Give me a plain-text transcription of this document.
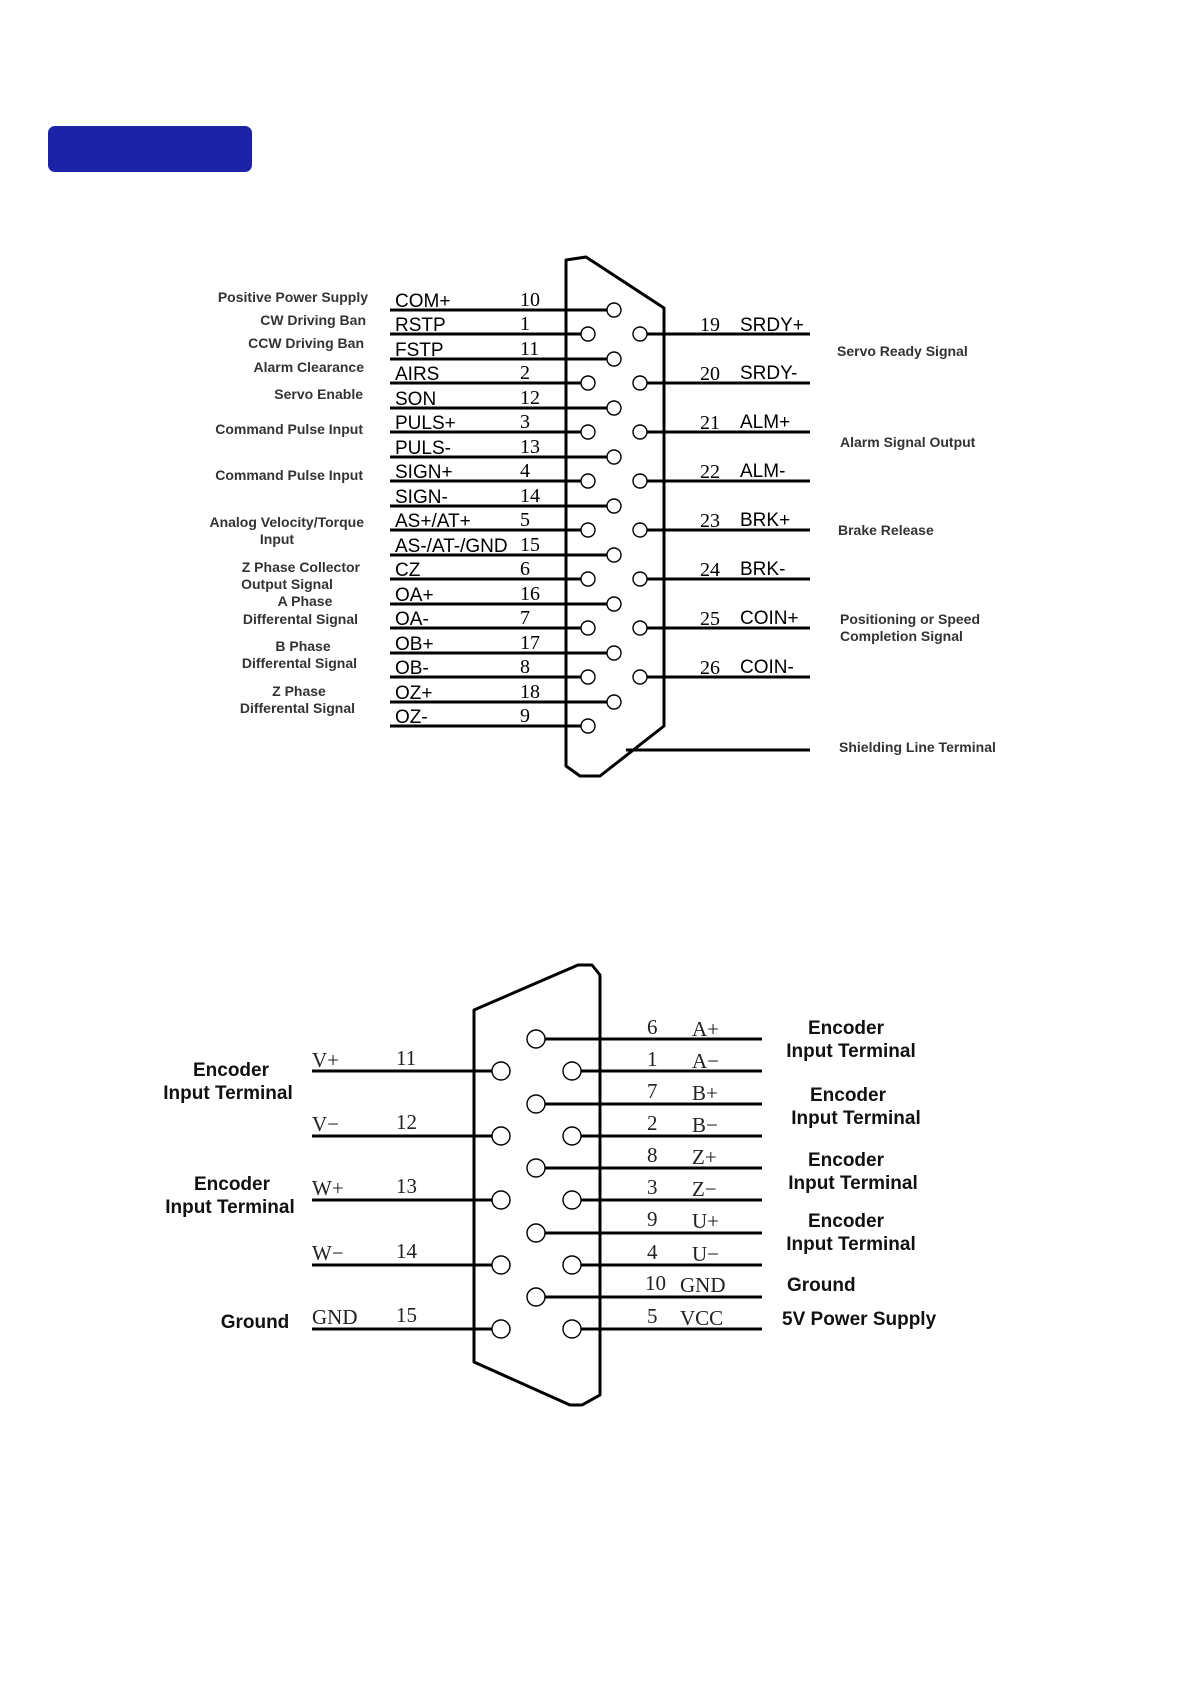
COM+
RSTP
FSTP
AIRS
SON
PULS+
PULS-
SIGN+
SIGN-
AS+/AT+
AS-/AT-/GND
CZ
OA+
OA-
OB+
OB-
OZ+
OZ-
10
1
11
2
12
3
13
4
14
5
15
6
16
7
17
8
18
9
19 SRDY+
20 SRDY-
21 ALM+
22 ALM-
23 BRK+
24 BRK-
25 COIN+
26 COIN-
Positive Power Supply
CW Driving Ban
CCW Driving Ban
Alarm Clearance
Servo Enable
Command Pulse Input
Command Pulse Input
Analog Velocity/Torque
Input
Z Phase Collector
Output Signal
A Phase
Differental Signal
B Phase
Differental Signal
Z Phase
Differental Signal
Servo Ready Signal
Alarm Signal Output
Brake Release
Positioning or Speed
Completion Signal
Shielding Line Terminal
V+	11
V−	12
W+ 13
W− 14
GND 15
6 A+
1 A−
7 B+
2 B−
8 Z+
3 Z−
9 U+
4 U−
10 GND
5 VCC
Encoder
Input Terminal
Encoder
Input Terminal
Ground
Encoder
Input Terminal
Encoder
Input Terminal
Encoder
Input Terminal
Encoder
Input Terminal
Ground
5V Power Supply
